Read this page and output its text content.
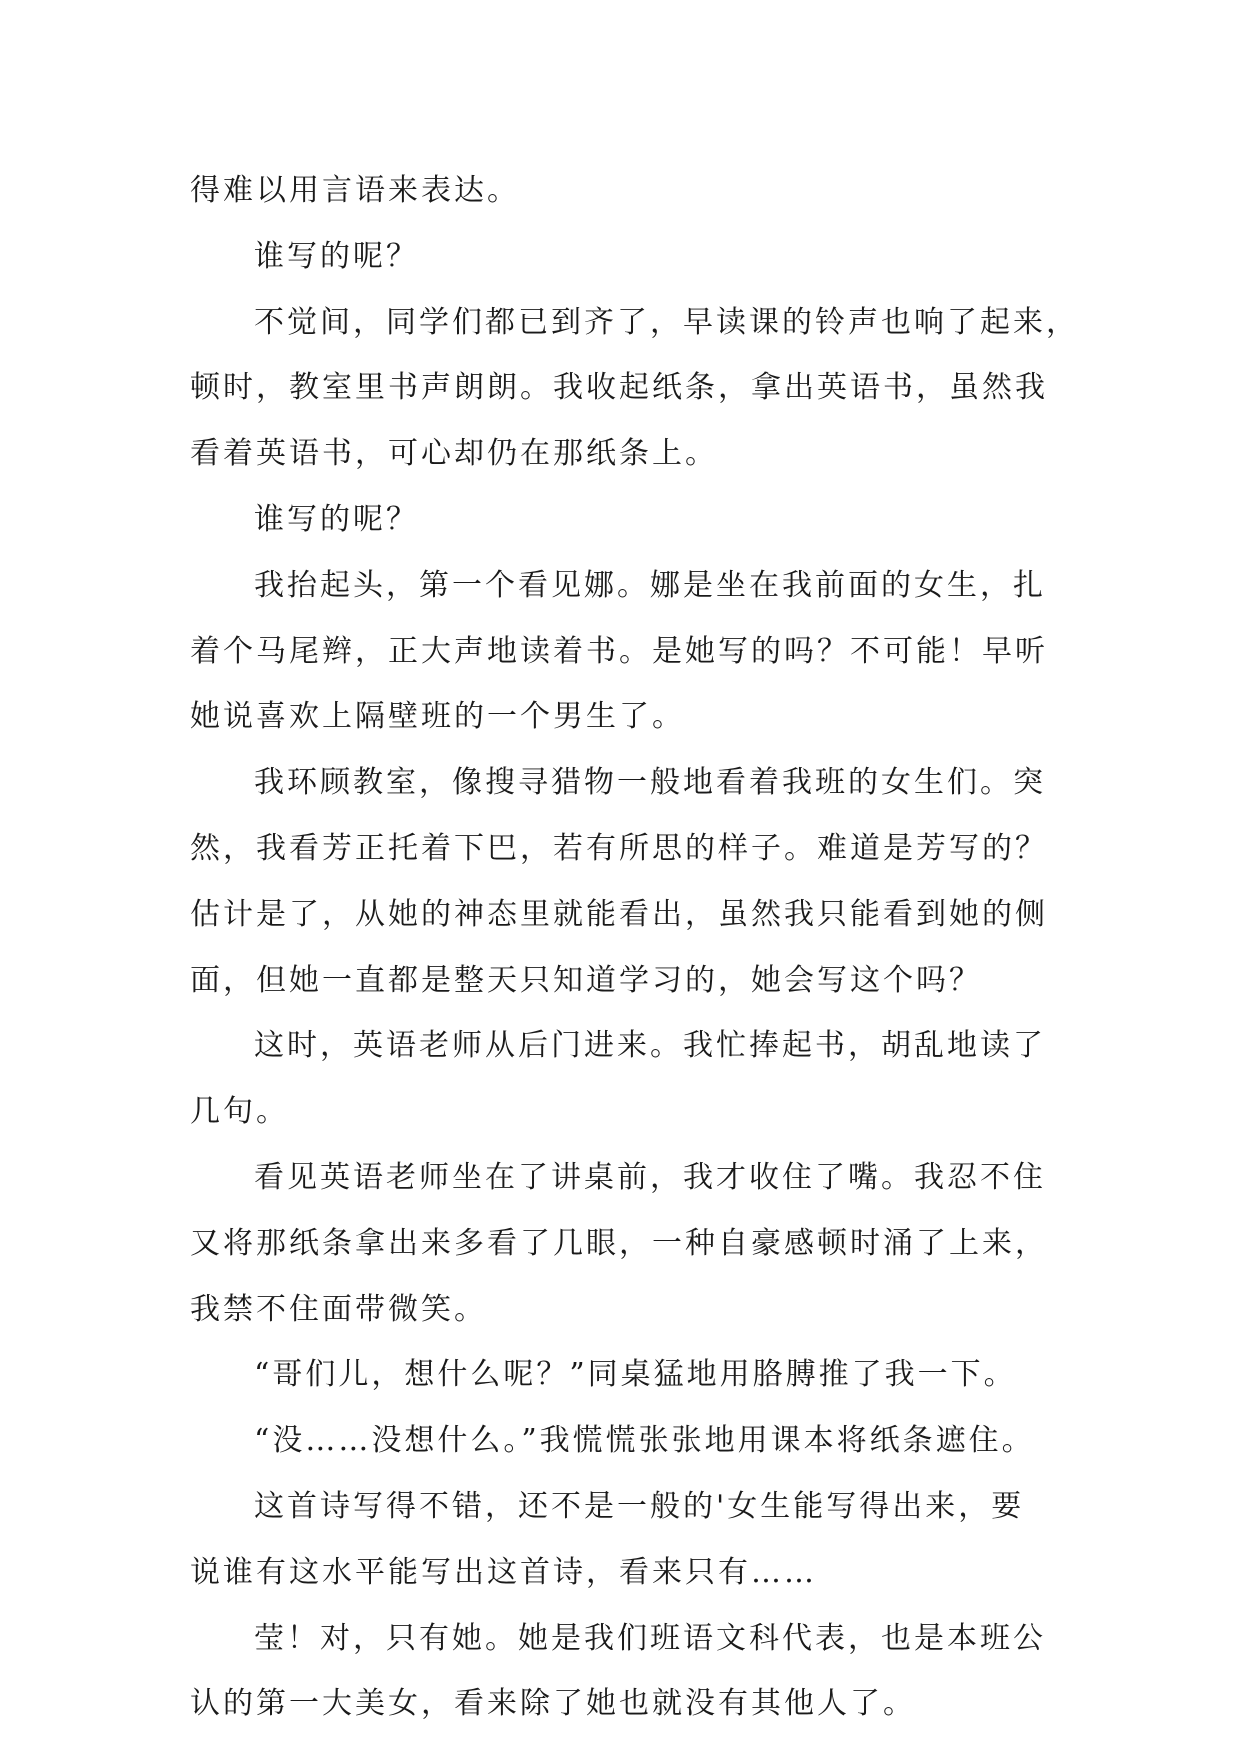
得难以用言语来表达。
谁写的呢？
不觉间，同学们都已到齐了，早读课的铃声也响了起来，
顿时，教室里书声朗朗。我收起纸条，拿出英语书，虽然我
看着英语书，可心却仍在那纸条上。
谁写的呢？
我抬起头，第一个看见娜。娜是坐在我前面的女生，扎
着个马尾辫，正大声地读着书。是她写的吗？不可能！早听
她说喜欢上隔壁班的一个男生了。
我环顾教室，像搜寻猎物一般地看着我班的女生们。突
然，我看芳正托着下巴，若有所思的样子。难道是芳写的？
估计是了，从她的神态里就能看出，虽然我只能看到她的侧
面，但她一直都是整天只知道学习的，她会写这个吗？
这时，英语老师从后门进来。我忙捧起书，胡乱地读了
几句。
看见英语老师坐在了讲桌前，我才收住了嘴。我忍不住
又将那纸条拿出来多看了几眼，一种自豪感顿时涌了上来，
我禁不住面带微笑。
“哥们儿，想什么呢？”同桌猛地用胳膊推了我一下。
“没……没想什么。”我慌慌张张地用课本将纸条遮住。
这首诗写得不错，还不是一般的'女生能写得出来，要
说谁有这水平能写出这首诗，看来只有……
莹！对，只有她。她是我们班语文科代表，也是本班公
认的第一大美女，看来除了她也就没有其他人了。
